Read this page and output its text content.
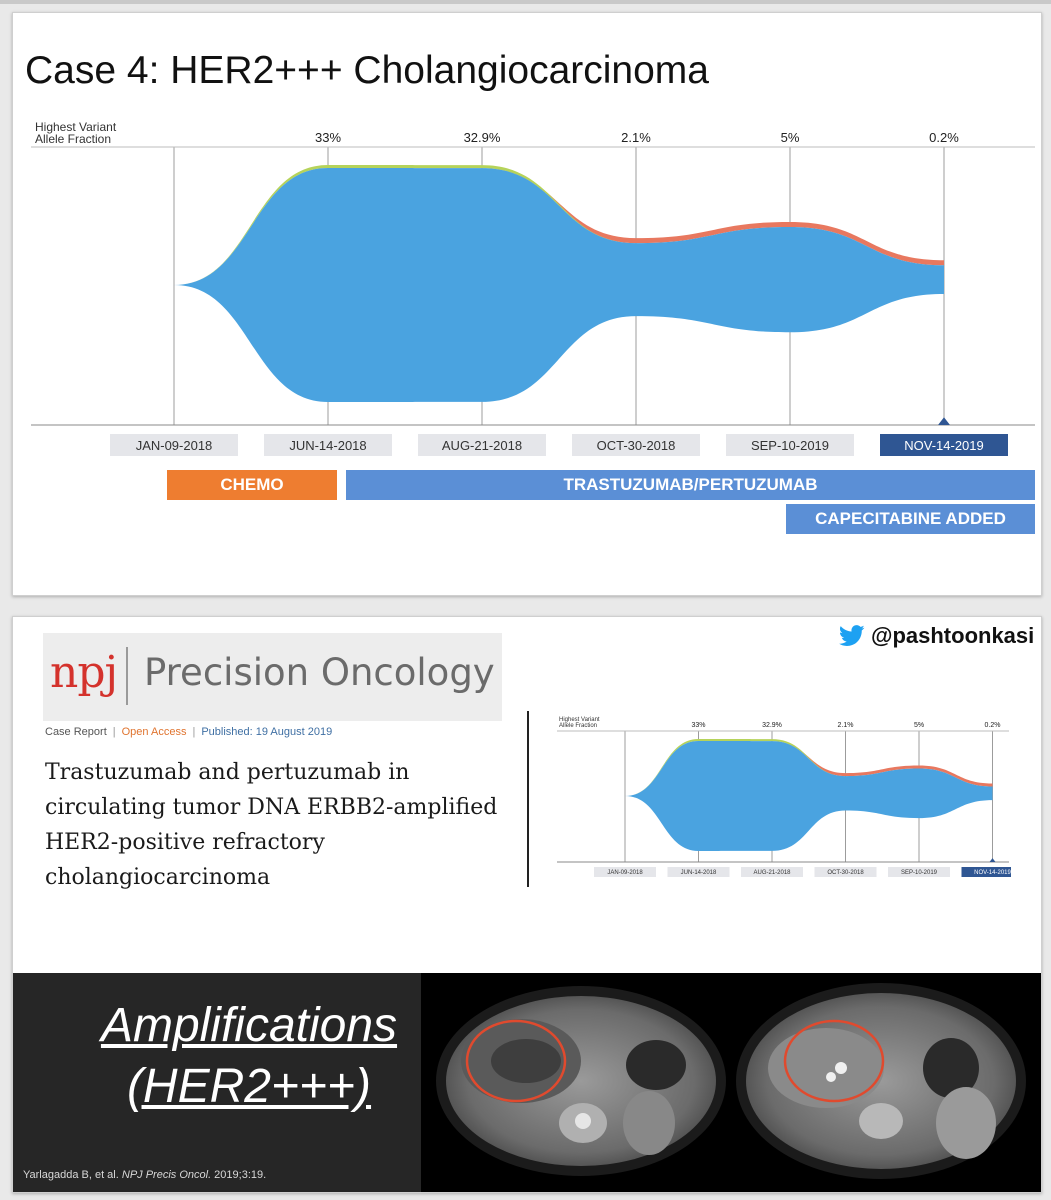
Case 4: HER2+++ Cholangiocarcinoma
33%	32.9%	2.1%	5%	0.2%
Highest Variant
Allele Fraction
JAN-09-2018	JUN-14-2018	AUG-21-2018	OCT-30-2018	SEP-10-2019	NOV-14-2019
CHEMO	TRASTUZUMAB/PERTUZUMAB
CAPECITABINE ADDED
@pashtoonkasi
npj Precision Oncology
Case Report | Open Access | Published: 19 August 2019
Trastuzumab and pertuzumab in circulating tumor DNA ERBB2-amplified HER2-positive refractory cholangiocarcinoma
33%	32.9%	2.1%	5%	0.2%
Highest Variant
Allele Fraction
JAN-09-2018	JUN-14-2018	AUG-21-2018	OCT-30-2018	SEP-10-2019	NOV-14-2019
Amplifications
(HER2+++)
Yarlagadda B, et al. NPJ Precis Oncol. 2019;3:19.
